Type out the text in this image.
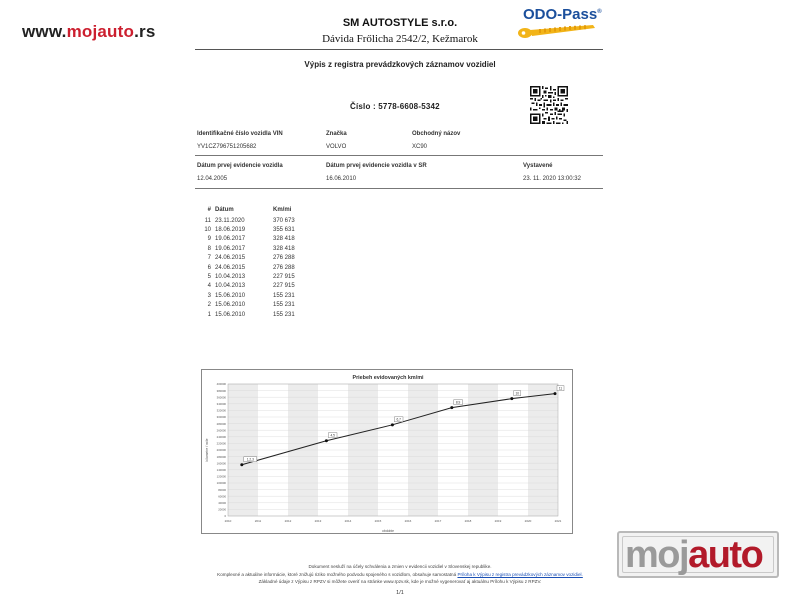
www.mojauto.rs	SM AUTOSTYLE s.r.o.
Dávida Frőlicha 2542/2, Kežmarok
ODO-Pass®
Výpis z registra prevádzkových záznamov vozidiel
Číslo : 5778-6608-5342
Identifikačné číslo vozidla VIN
YV1CZ796751205682
Značka
VOLVO
Obchodný názov
XC90
Dátum prvej evidencie vozidla
12.04.2005
Dátum prvej evidencie vozidla v SR
16.06.2010
Vystavené
23. 11. 2020 13:00:32
#	Dátum	Km/mi
11	23.11.2020	370 673
10	18.06.2019	355 631
9	19.06.2017	328 418
8	19.06.2017	328 418
7	24.06.2015	276 288
6	24.06.2015	276 288
5	10.04.2013	227 915
4	10.04.2013	227 915
3	15.06.2010	155 231
2	15.06.2010	155 231
1	15.06.2010	155 231
0
20000
40000
60000
80000
100000
120000
140000
160000
180000
200000
220000
240000
260000
280000
300000
320000
340000
360000
380000
400000
2010	2011	2012	2013	2014	2015	2016	2017	2018	2019	2020	2021
Priebeh evidovaných km/mi
obdobie
kilometre / míle	1,2,3
4,5
6,7
8,9
10
11
Dokument nesluží na účely schválenia a zmien v evidencii vozidiel v Slovenskej republike.
Komplexné a aktuálne informácie, ktoré znižujú riziko možného podvodu spojeného s vozidlom, obsahuje samostatná Príloha k Výpisu z registra prevádzkových záznamov vozidiel.
Základné údaje z Výpisu z RPZV si môžete overiť na stránke www.rpzv.sk, kde je možné vygenerovať aj aktuálnu Prílohu k Výpisu z RPZV.
1/1
mojauto
